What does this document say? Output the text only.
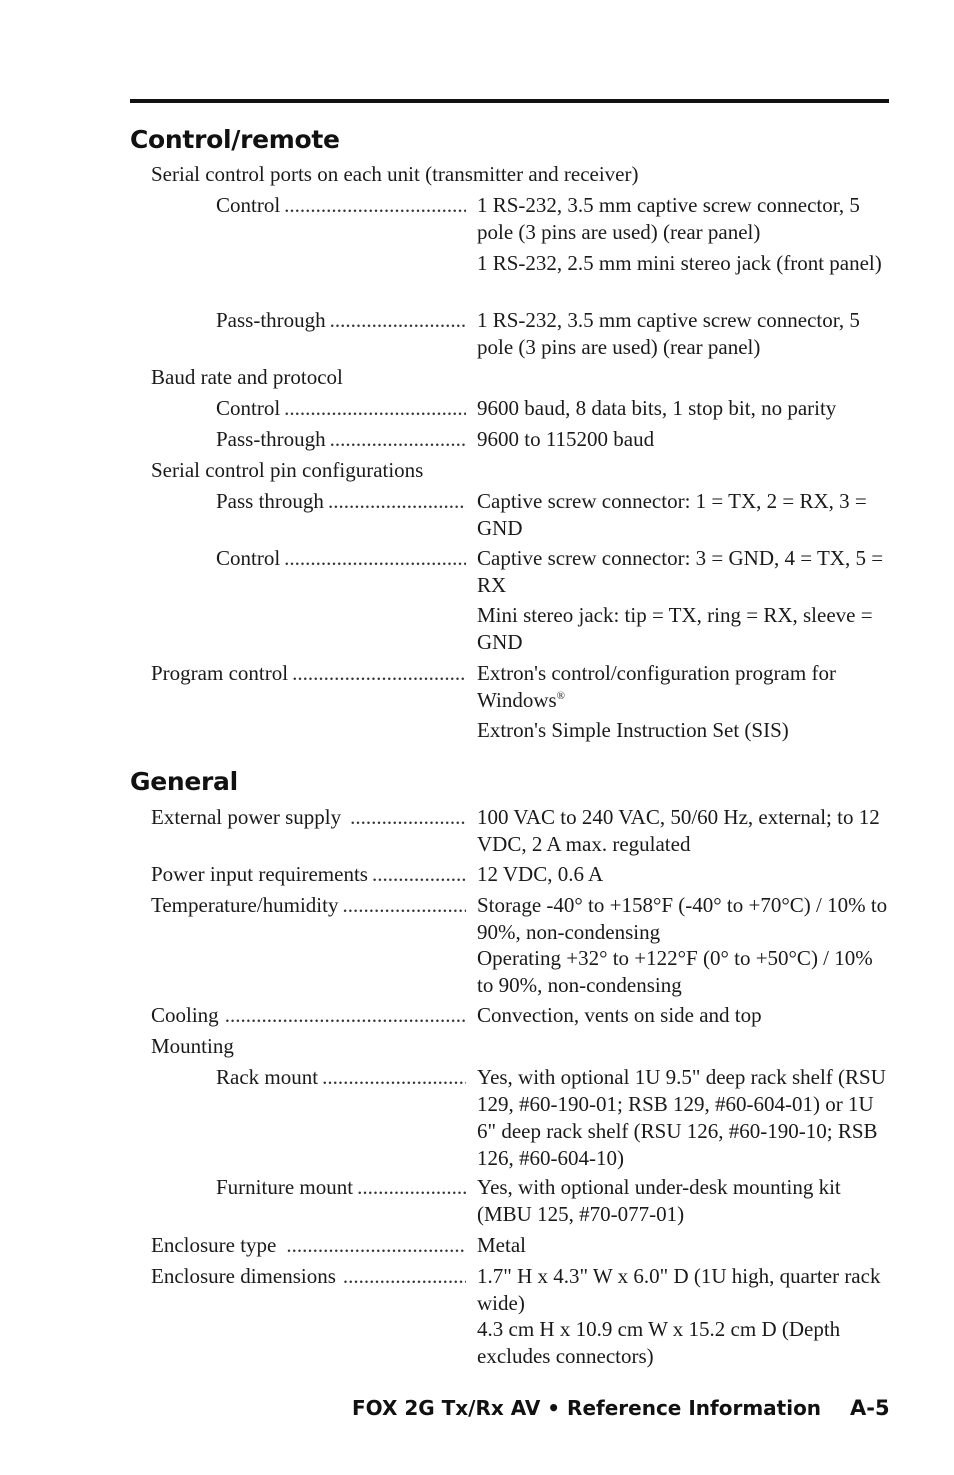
Control/remote
Serial control ports on each unit (transmitter and receiver)
Control .....	1 RS-232, 3.5 mm captive screw connector, 5 pole (3 pins are used) (rear panel)
1 RS-232, 2.5 mm mini stereo jack (front panel)
Pass-through .....	1 RS-232, 3.5 mm captive screw connector, 5 pole (3 pins are used) (rear panel)
Baud rate and protocol
Control .....	9600 baud, 8 data bits, 1 stop bit, no parity
Pass-through .....	9600 to 115200 baud
Serial control pin configurations
Pass through .....	Captive screw connector: 1 = TX, 2 = RX, 3 = GND
Control .....	Captive screw connector: 3 = GND, 4 = TX, 5 = RX
Mini stereo jack: tip = TX, ring = RX, sleeve = GND
Program control .....	Extron's control/configuration program for Windows®
Extron's Simple Instruction Set (SIS)
General
External power supply .....	100 VAC to 240 VAC, 50/60 Hz, external; to 12 VDC, 2 A max. regulated
Power input requirements .....	12 VDC, 0.6 A
Temperature/humidity .....	Storage -40° to +158°F (-40° to +70°C) / 10% to 90%, non-condensing
Operating +32° to +122°F (0° to +50°C) / 10% to 90%, non-condensing
Cooling .....	Convection, vents on side and top
Mounting
Rack mount .....	Yes, with optional 1U 9.5" deep rack shelf (RSU 129, #60-190-01; RSB 129, #60-604-01) or 1U 6" deep rack shelf (RSU 126, #60-190-10; RSB 126, #60-604-10)
Furniture mount .....	Yes, with optional under-desk mounting kit (MBU 125, #70-077-01)
Enclosure type .....	Metal
Enclosure dimensions .....	1.7" H x 4.3" W x 6.0" D (1U high, quarter rack wide)
4.3 cm H x 10.9 cm W x 15.2 cm D (Depth excludes connectors)
FOX 2G Tx/Rx AV • Reference Information A-5
